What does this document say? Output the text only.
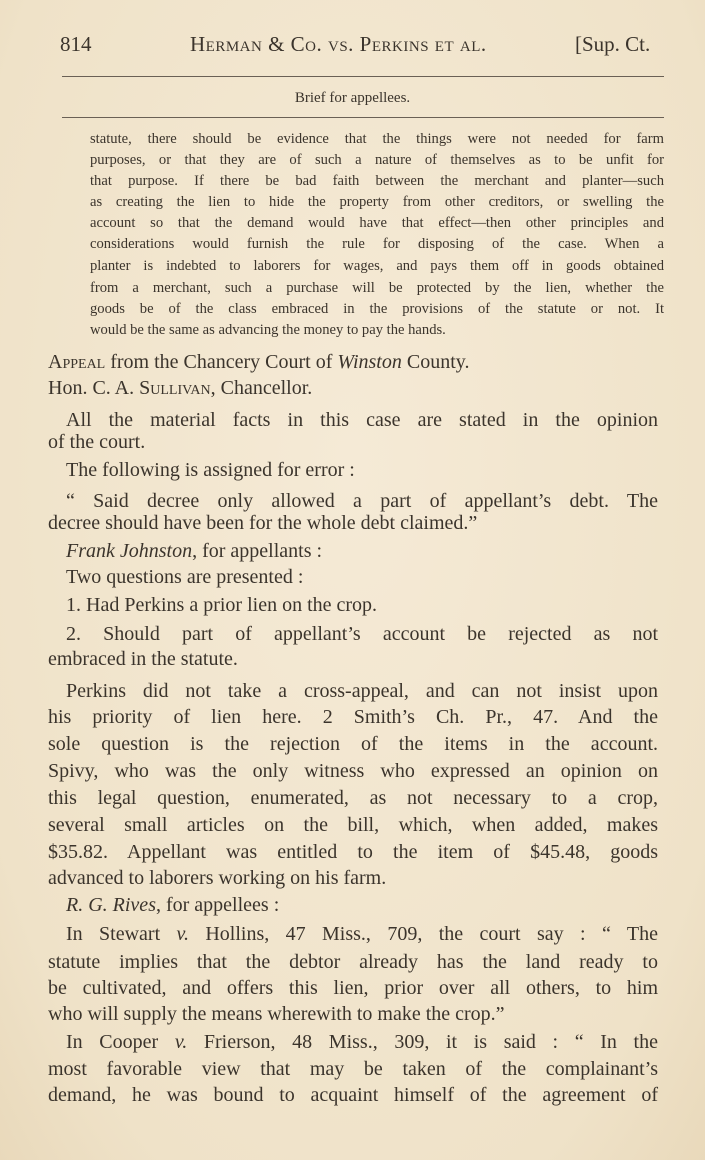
814	Herman & Co. vs. Perkins et al.	[Sup. Ct.
Brief for appellees.
statute, there should be evidence that the things were not needed for farm
purposes, or that they are of such a nature of themselves as to be unfit for
that purpose. If there be bad faith between the merchant and planter—such
as creating the lien to hide the property from other creditors, or swelling the
account so that the demand would have that effect—then other principles and
considerations would furnish the rule for disposing of the case. When a
planter is indebted to laborers for wages, and pays them off in goods obtained
from a merchant, such a purchase will be protected by the lien, whether the
goods be of the class embraced in the provisions of the statute or not. It
would be the same as advancing the money to pay the hands.
Appeal from the Chancery Court of Winston County.
Hon. C. A. Sullivan, Chancellor.
All the material facts in this case are stated in the opinion
of the court.
The following is assigned for error :
“ Said decree only allowed a part of appellant’s debt. The
decree should have been for the whole debt claimed.”
Frank Johnston, for appellants :
Two questions are presented :
1. Had Perkins a prior lien on the crop.
2. Should part of appellant’s account be rejected as not
embraced in the statute.
Perkins did not take a cross-appeal, and can not insist upon
his priority of lien here. 2 Smith’s Ch. Pr., 47. And the
sole question is the rejection of the items in the account.
Spivy, who was the only witness who expressed an opinion on
this legal question, enumerated, as not necessary to a crop,
several small articles on the bill, which, when added, makes
$35.82. Appellant was entitled to the item of $45.48, goods
advanced to laborers working on his farm.
R. G. Rives, for appellees :
In Stewart v. Hollins, 47 Miss., 709, the court say : “ The
statute implies that the debtor already has the land ready to
be cultivated, and offers this lien, prior over all others, to him
who will supply the means wherewith to make the crop.”
In Cooper v. Frierson, 48 Miss., 309, it is said : “ In the
most favorable view that may be taken of the complainant’s
demand, he was bound to acquaint himself of the agreement of
